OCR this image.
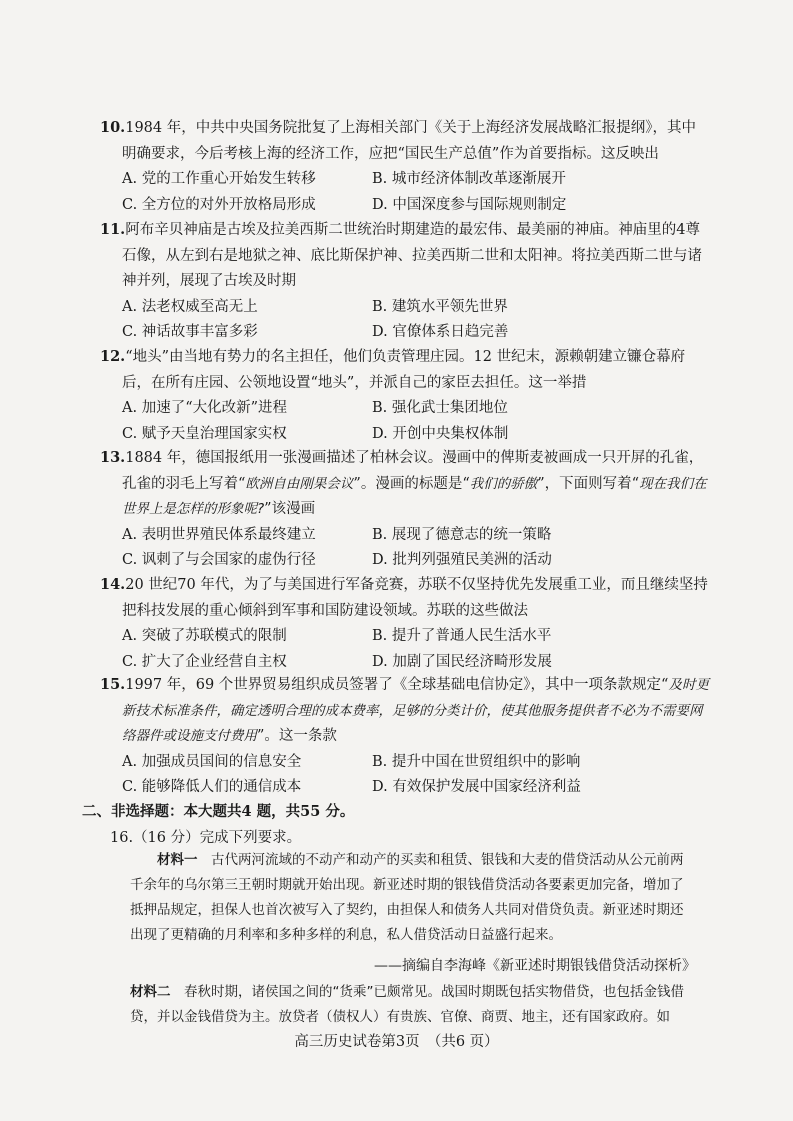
10.1984 年，中共中央国务院批复了上海相关部门《关于上海经济发展战略汇报提纲》，其中明确要求，今后考核上海的经济工作，应把“国民生产总值”作为首要指标。这反映出
A. 党的工作重心开始发生转移	B. 城市经济体制改革逐渐展开
C. 全方位的对外开放格局形成	D. 中国深度参与国际规则制定
11.阿布辛贝神庙是古埃及拉美西斯二世统治时期建造的最宏伟、最美丽的神庙。神庙里的4尊石像，从左到右是地狱之神、底比斯保护神、拉美西斯二世和太阳神。将拉美西斯二世与诸神并列，展现了古埃及时期
A. 法老权威至高无上	B. 建筑水平领先世界
C. 神话故事丰富多彩	D. 官僚体系日趋完善
12.“地头”由当地有势力的名主担任，他们负责管理庄园。12 世纪末，源赖朝建立镰仓幕府后，在所有庄园、公领地设置“地头”，并派自己的家臣去担任。这一举措
A. 加速了“大化改新”进程	B. 强化武士集团地位
C. 赋予天皇治理国家实权	D. 开创中央集权体制
13.1884 年，德国报纸用一张漫画描述了柏林会议。漫画中的俾斯麦被画成一只开屏的孔雀，孔雀的羽毛上写着“欧洲自由刚果会议”。漫画的标题是“我们的骄傲”，下面则写着“现在我们在世界上是怎样的形象呢?”该漫画
A. 表明世界殖民体系最终建立	B. 展现了德意志的统一策略
C. 讽刺了与会国家的虚伪行径	D. 批判列强殖民美洲的活动
14.20 世纪70 年代，为了与美国进行军备竞赛，苏联不仅坚持优先发展重工业，而且继续坚持把科技发展的重心倾斜到军事和国防建设领域。苏联的这些做法
A. 突破了苏联模式的限制	B. 提升了普通人民生活水平
C. 扩大了企业经营自主权	D. 加剧了国民经济畸形发展
15.1997 年，69 个世界贸易组织成员签署了《全球基础电信协定》，其中一项条款规定“及时更新技术标准条件，确定透明合理的成本费率，足够的分类计价，使其他服务提供者不必为不需要网络器件或设施支付费用”。这一条款
A. 加强成员国间的信息安全	B. 提升中国在世贸组织中的影响
C. 能够降低人们的通信成本	D. 有效保护发展中国家经济利益
二、非选择题：本大题共4 题，共55 分。
16.（16 分）完成下列要求。
材料一　 古代两河流域的不动产和动产的买卖和租赁、银钱和大麦的借贷活动从公元前两千余年的乌尔第三王朝时期就开始出现。新亚述时期的银钱借贷活动各要素更加完备，增加了抵押品规定，担保人也首次被写入了契约，由担保人和债务人共同对借贷负责。新亚述时期还出现了更精确的月利率和多种多样的利息，私人借贷活动日益盛行起来。
——摘编自李海峰《新亚述时期银钱借贷活动探析》
材料二　 春秋时期，诸侯国之间的“货乘”已颇常见。战国时期既包括实物借贷，也包括金钱借贷，并以金钱借贷为主。放贷者（债权人）有贵族、官僚、商贾、地主，还有国家政府。如
高三历史试卷第3页　（共6 页）
